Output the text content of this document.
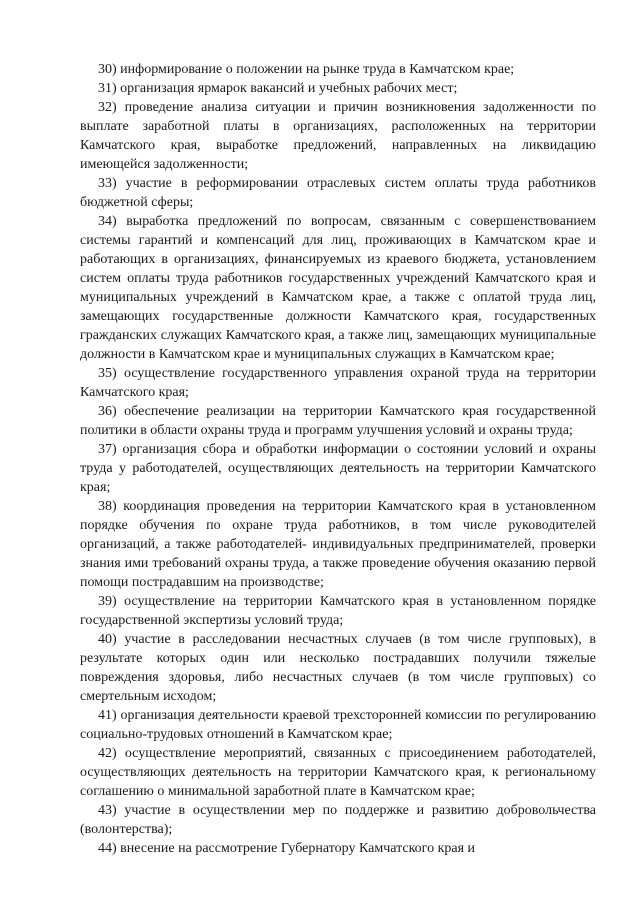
30) информирование о положении на рынке труда в Камчатском крае;

31) организация ярмарок вакансий и учебных рабочих мест;

32) проведение анализа ситуации и причин возникновения задолженности по выплате заработной платы в организациях, расположенных на территории Камчатского края, выработке предложений, направленных на ликвидацию имеющейся задолженности;

33) участие в реформировании отраслевых систем оплаты труда работников бюджетной сферы;

34) выработка предложений по вопросам, связанным с совершенствованием системы гарантий и компенсаций для лиц, проживающих в Камчатском крае и работающих в организациях, финансируемых из краевого бюджета, установлением систем оплаты труда работников государственных учреждений Камчатского края и муниципальных учреждений в Камчатском крае, а также с оплатой труда лиц, замещающих государственные должности Камчатского края, государственных гражданских служащих Камчатского края, а также лиц, замещающих муниципальные должности в Камчатском крае и муниципальных служащих в Камчатском крае;

35) осуществление государственного управления охраной труда на территории Камчатского края;

36) обеспечение реализации на территории Камчатского края государственной политики в области охраны труда и программ улучшения условий и охраны труда;

37) организация сбора и обработки информации о состоянии условий и охраны труда у работодателей, осуществляющих деятельность на территории Камчатского края;

38) координация проведения на территории Камчатского края в установленном порядке обучения по охране труда работников, в том числе руководителей организаций, а также работодателей- индивидуальных предпринимателей, проверки знания ими требований охраны труда, а также проведение обучения оказанию первой помощи пострадавшим на производстве;

39) осуществление на территории Камчатского края в установленном порядке государственной экспертизы условий труда;

40) участие в расследовании несчастных случаев (в том числе групповых), в результате которых один или несколько пострадавших получили тяжелые повреждения здоровья, либо несчастных случаев (в том числе групповых) со смертельным исходом;

41) организация деятельности краевой трехсторонней комиссии по регулированию социально-трудовых отношений в Камчатском крае;

42) осуществление мероприятий, связанных с присоединением работодателей, осуществляющих деятельность на территории Камчатского края, к региональному соглашению о минимальной заработной плате в Камчатском крае;

43) участие в осуществлении мер по поддержке и развитию добровольчества (волонтерства);

44) внесение на рассмотрение Губернатору Камчатского края и
